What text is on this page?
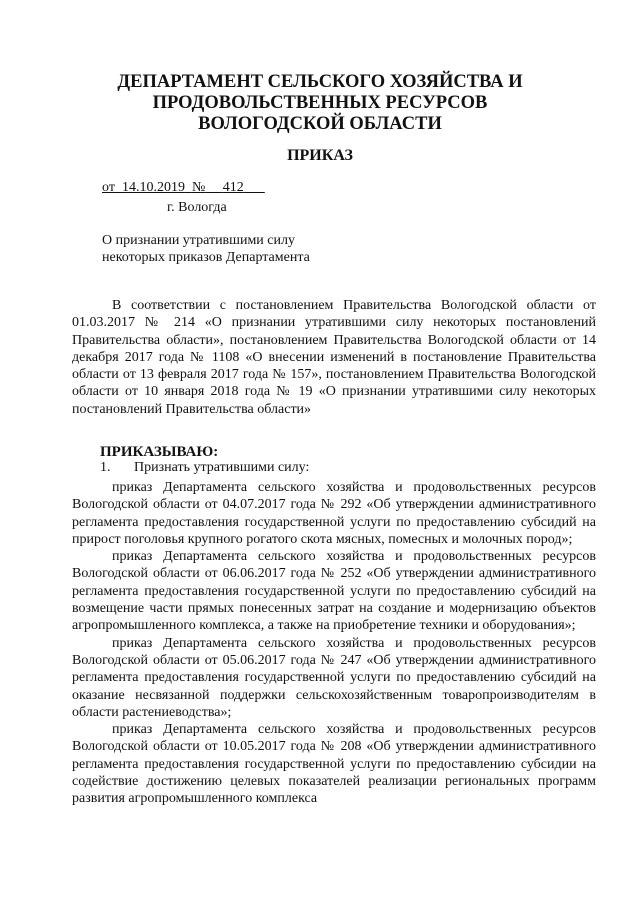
ДЕПАРТАМЕНТ СЕЛЬСКОГО ХОЗЯЙСТВА И
ПРОДОВОЛЬСТВЕННЫХ РЕСУРСОВ
ВОЛОГОДСКОЙ ОБЛАСТИ
ПРИКАЗ
от 14.10.2019 № 412
г. Вологда
О признании утратившими силу
некоторых приказов Департамента
В соответствии с постановлением Правительства Вологодской области от 01.03.2017 № 214 «О признании утратившими силу некоторых постановлений Правительства области», постановлением Правительства Вологодской области от 14 декабря 2017 года № 1108 «О внесении изменений в постановление Правительства области от 13 февраля 2017 года № 157», постановлением Правительства Вологодской области от 10 января 2018 года № 19 «О признании утратившими силу некоторых постановлений Правительства области»
ПРИКАЗЫВАЮ:
1. Признать утратившими силу:

приказ Департамента сельского хозяйства и продовольственных ресурсов Вологодской области от 04.07.2017 года № 292 «Об утверждении административного регламента предоставления государственной услуги по предоставлению субсидий на прирост поголовья крупного рогатого скота мясных, помесных и молочных пород»;

приказ Департамента сельского хозяйства и продовольственных ресурсов Вологодской области от 06.06.2017 года № 252 «Об утверждении административного регламента предоставления государственной услуги по предоставлению субсидий на возмещение части прямых понесенных затрат на создание и модернизацию объектов агропромышленного комплекса, а также на приобретение техники и оборудования»;

приказ Департамента сельского хозяйства и продовольственных ресурсов Вологодской области от 05.06.2017 года № 247 «Об утверждении административного регламента предоставления государственной услуги по предоставлению субсидий на оказание несвязанной поддержки сельскохозяйственным товаропроизводителям в области растениеводства»;

приказ Департамента сельского хозяйства и продовольственных ресурсов Вологодской области от 10.05.2017 года № 208 «Об утверждении административного регламента предоставления государственной услуги по предоставлению субсидии на содействие достижению целевых показателей реализации региональных программ развития агропромышленного комплекса
